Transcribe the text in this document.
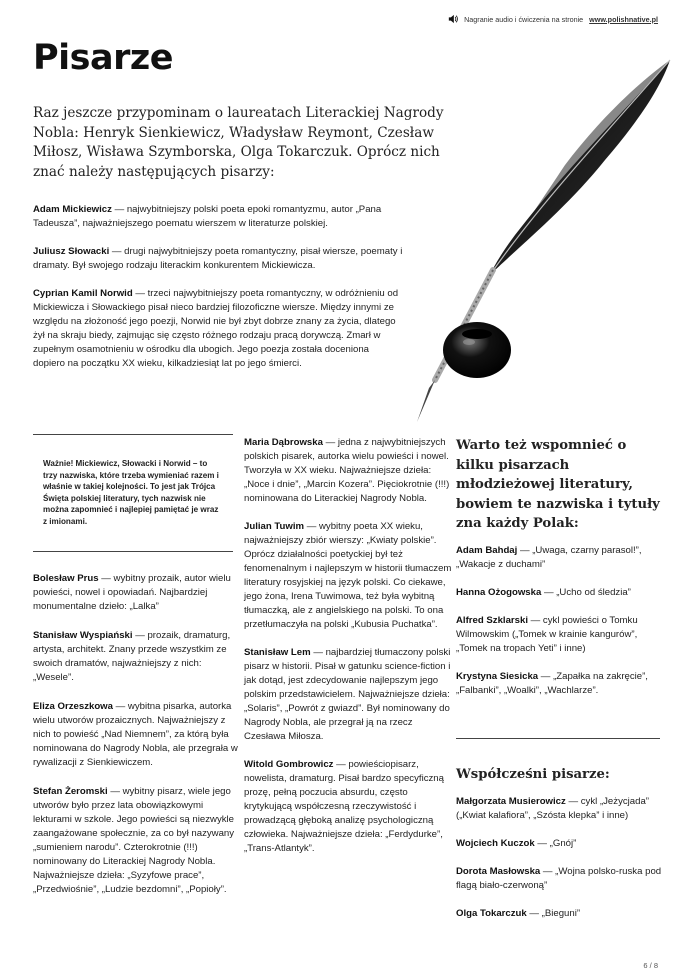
Nagranie audio i ćwiczenia na stronie www.polishnative.pl
Pisarze

Raz jeszcze przypominam o laureatach Literackiej Nagrody Nobla: Henryk Sienkiewicz, Władysław Reymont, Czesław Miłosz, Wisława Szymborska, Olga Tokarczuk. Oprócz nich znać należy następujących pisarzy:

Adam Mickiewicz — najwybitniejszy polski poeta epoki romantyzmu, autor „Pana Tadeusza”, najważniejszego poematu wierszem w literaturze polskiej.

Juliusz Słowacki — drugi najwybitniejszy poeta romantyczny, pisał wiersze, poematy i dramaty. Był swojego rodzaju literackim konkurentem Mickiewicza.

Cyprian Kamil Norwid — trzeci najwybitniejszy poeta romantyczny, w odróżnieniu od Mickiewicza i Słowackiego pisał nieco bardziej filozoficzne wiersze. Między innymi ze względu na złożoność jego poezji, Norwid nie był zbyt dobrze znany za życia, dlatego żył na skraju biedy, zajmując się często różnego rodzaju pracą dorywczą. Zmarł w zupełnym osamotnieniu w ośrodku dla ubogich. Jego poezja została doceniona dopiero na początku XX wieku, kilkadziesiąt lat po jego śmierci.

Ważnie! Mickiewicz, Słowacki i Norwid – to trzy nazwiska, które trzeba wymieniać razem i właśnie w takiej kolejności. To jest jak Trójca Święta polskiej literatury, tych nazwisk nie można zapomnieć i najlepiej pamiętać je wraz z imionami.

Bolesław Prus — wybitny prozaik, autor wielu powieści, nowel i opowiadań. Najbardziej monumentalne dzieło: „Lalka”

Stanisław Wyspiański — prozaik, dramaturg, artysta, architekt. Znany przede wszystkim ze swoich dramatów, najważniejszy z nich: „Wesele”.

Eliza Orzeszkowa — wybitna pisarka, autorka wielu utworów prozaicznych. Najważniejszy z nich to powieść „Nad Niemnem”, za którą była nominowana do Nagrody Nobla, ale przegrała w rywalizacji z Sienkiewiczem.

Stefan Żeromski — wybitny pisarz, wiele jego utworów było przez lata obowiązkowymi lekturami w szkole. Jego powieści są niezwykle zaangażowane społecznie, za co był nazywany „sumieniem narodu”. Czterokrotnie (!!!) nominowany do Literackiej Nagrody Nobla. Najważniejsze dzieła: „Syzyfowe prace”, „Przedwiośnie”, „Ludzie bezdomni”, „Popioły”.

Maria Dąbrowska — jedna z najwybitniejszych polskich pisarek, autorka wielu powieści i nowel. Tworzyła w XX wieku. Najważniejsze dzieła: „Noce i dnie”, „Marcin Kozera”. Pięciokrotnie (!!!) nominowana do Literackiej Nagrody Nobla.

Julian Tuwim — wybitny poeta XX wieku, najważniejszy zbiór wierszy: „Kwiaty polskie”. Oprócz działalności poetyckiej był też fenomenalnym i najlepszym w historii tłumaczem literatury rosyjskiej na język polski. Co ciekawe, jego żona, Irena Tuwimowa, też była wybitną tłumaczką, ale z angielskiego na polski. To ona przetłumaczyła na polski „Kubusia Puchatka”.

Stanisław Lem — najbardziej tłumaczony polski pisarz w historii. Pisał w gatunku science-fiction i jak dotąd, jest zdecydowanie najlepszym jego polskim przedstawicielem. Najważniejsze dzieła: „Solaris”, „Powrót z gwiazd”. Był nominowany do Nagrody Nobla, ale przegrał ją na rzecz Czesława Miłosza.

Witold Gombrowicz — powieściopisarz, nowelista, dramaturg. Pisał bardzo specyficzną prozę, pełną poczucia absurdu, często krytykującą współczesną rzeczywistość i prowadzącą głęboką analizę psychologiczną człowieka. Najważniejsze dzieła: „Ferdydurke”, „Trans-Atlantyk”.

Warto też wspomnieć o kilku pisarzach młodzieżowej literatury, bowiem te nazwiska i tytuły zna każdy Polak:

Adam Bahdaj — „Uwaga, czarny parasol!”, „Wakacje z duchami”

Hanna Ożogowska — „Ucho od śledzia”

Alfred Szklarski — cykl powieści o Tomku Wilmowskim („Tomek w krainie kangurów”, „Tomek na tropach Yeti” i inne)

Krystyna Siesicka — „Zapałka na zakręcie”, „Falbanki”, „Woalki”, „Wachlarze”.

Współcześni pisarze:

Małgorzata Musierowicz — cykl „Jeżycjada” („Kwiat kalafiora”, „Szósta klepka” i inne)

Wojciech Kuczok — „Gnój”

Dorota Masłowska — „Wojna polsko-ruska pod flagą biało-czerwoną”

Olga Tokarczuk — „Bieguni”

6 / 8
